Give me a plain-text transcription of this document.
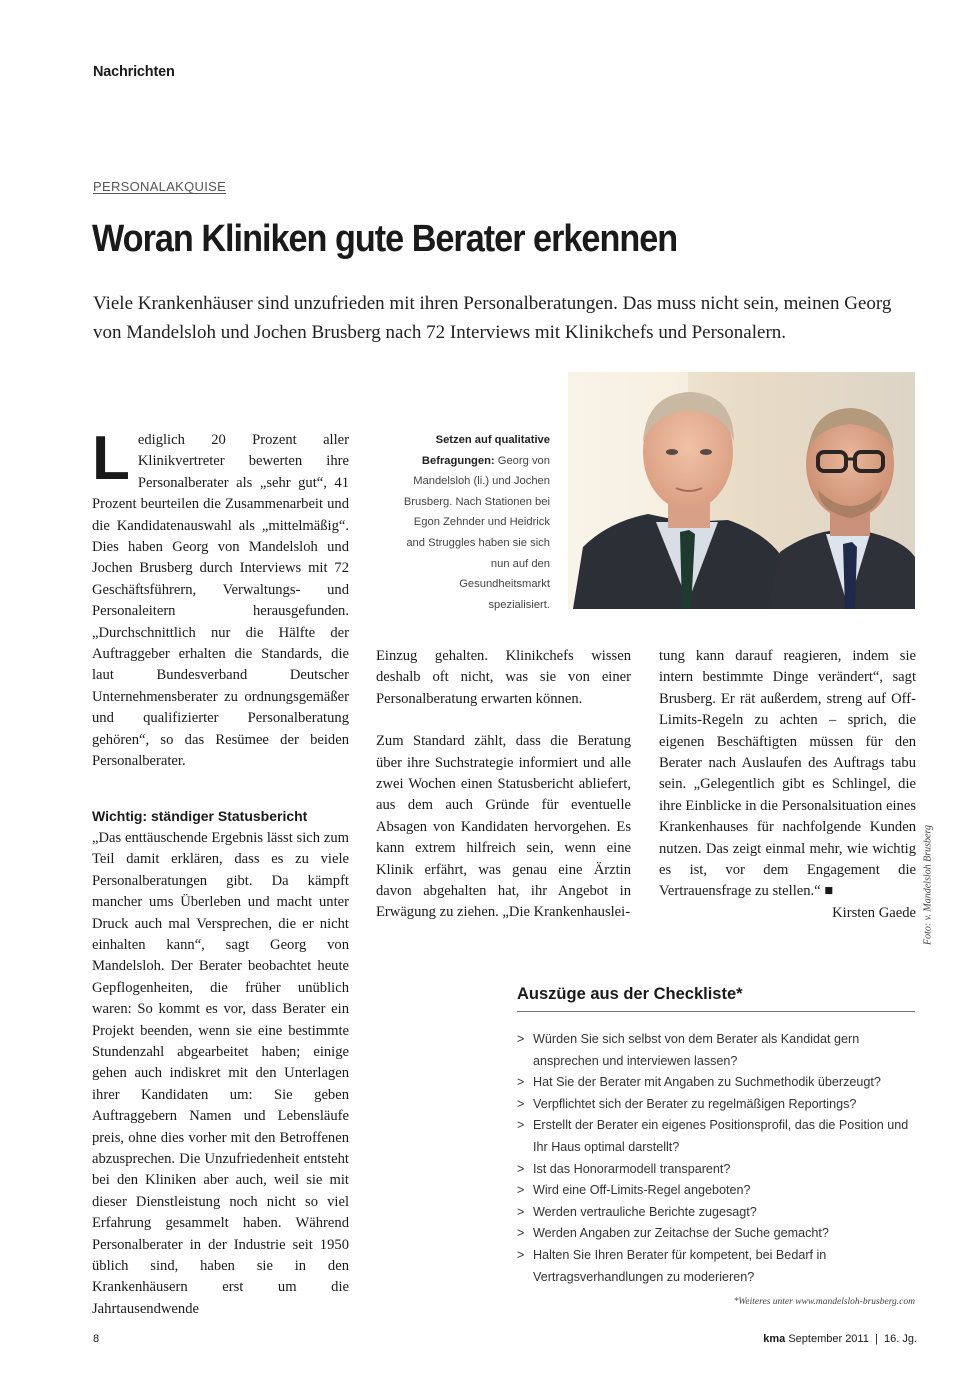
Nachrichten
PERSONALAKQUISE
Woran Kliniken gute Berater erkennen

Viele Krankenhäuser sind unzufrieden mit ihren Personalberatungen. Das muss nicht sein, meinen Georg von Mandelsloh und Jochen Brusberg nach 72 Interviews mit Klinikchefs und Personalern.

Lediglich 20 Prozent aller Klinikvertreter bewerten ihre Personalberater als „sehr gut“, 41 Prozent beurteilen die Zusammenarbeit und die Kandidatenauswahl als „mittelmäßig“. Dies haben Georg von Mandelsloh und Jochen Brusberg durch Interviews mit 72 Geschäftsführern, Verwaltungs- und Personaleitern herausgefunden. „Durchschnittlich nur die Hälfte der Auftraggeber erhalten die Standards, die laut Bundesverband Deutscher Unternehmensberater zu ordnungsgemäßer und qualifizierter Personalberatung gehören“, so das Resümee der beiden Personalberater.

Wichtig: ständiger Statusbericht

„Das enttäuschende Ergebnis lässt sich zum Teil damit erklären, dass es zu viele Personalberatungen gibt. Da kämpft mancher ums Überleben und macht unter Druck auch mal Versprechen, die er nicht einhalten kann“, sagt Georg von Mandelsloh. Der Berater beobachtet heute Gepflogenheiten, die früher unüblich waren: So kommt es vor, dass Berater ein Projekt beenden, wenn sie eine bestimmte Stundenzahl abgearbeitet haben; einige gehen auch indiskret mit den Unterlagen ihrer Kandidaten um: Sie geben Auftraggebern Namen und Lebensläufe preis, ohne dies vorher mit den Betroffenen abzusprechen. Die Unzufriedenheit entsteht bei den Kliniken aber auch, weil sie mit dieser Dienstleistung noch nicht so viel Erfahrung gesammelt haben. Während Personalberater in der Industrie seit 1950 üblich sind, haben sie in den Krankenhäusern erst um die Jahrtausendwende

Setzen auf qualitative Befragungen: Georg von Mandelsloh (li.) und Jochen Brusberg. Nach Stationen bei Egon Zehnder und Heidrick and Struggles haben sie sich nun auf den Gesundheitsmarkt spezialisiert.
Foto: v. Mandelsloh Brusberg

Einzug gehalten. Klinikchefs wissen deshalb oft nicht, was sie von einer Personalberatung erwarten können.

Zum Standard zählt, dass die Beratung über ihre Suchstrategie informiert und alle zwei Wochen einen Statusbericht abliefert, aus dem auch Gründe für eventuelle Absagen von Kandidaten hervorgehen. Es kann extrem hilfreich sein, wenn eine Klinik erfährt, was genau eine Ärztin davon abgehalten hat, ihr Angebot in Erwägung zu ziehen. „Die Krankenhauslei-

tung kann darauf reagieren, indem sie intern bestimmte Dinge verändert“, sagt Brusberg. Er rät außerdem, streng auf Off-Limits-Regeln zu achten – sprich, die eigenen Beschäftigten müssen für den Berater nach Auslaufen des Auftrags tabu sein. „Gelegentlich gibt es Schlingel, die ihre Einblicke in die Personalsituation eines Krankenhauses für nachfolgende Kunden nutzen. Das zeigt einmal mehr, wie wichtig es ist, vor dem Engagement die Vertrauensfrage zu stellen.“ ■

Kirsten Gaede

Auszüge aus der Checkliste*
> Würden Sie sich selbst von dem Berater als Kandidat gern ansprechen und interviewen lassen?
> Hat Sie der Berater mit Angaben zu Suchmethodik überzeugt?
> Verpflichtet sich der Berater zu regelmäßigen Reportings?
> Erstellt der Berater ein eigenes Positionsprofil, das die Position und Ihr Haus optimal darstellt?
> Ist das Honorarmodell transparent?
> Wird eine Off-Limits-Regel angeboten?
> Werden vertrauliche Berichte zugesagt?
> Werden Angaben zur Zeitachse der Suche gemacht?
> Halten Sie Ihren Berater für kompetent, bei Bedarf in Vertragsverhandlungen zu moderieren?
*Weiteres unter www.mandelsloh-brusberg.com
8	kma September 2011 | 16. Jg.
